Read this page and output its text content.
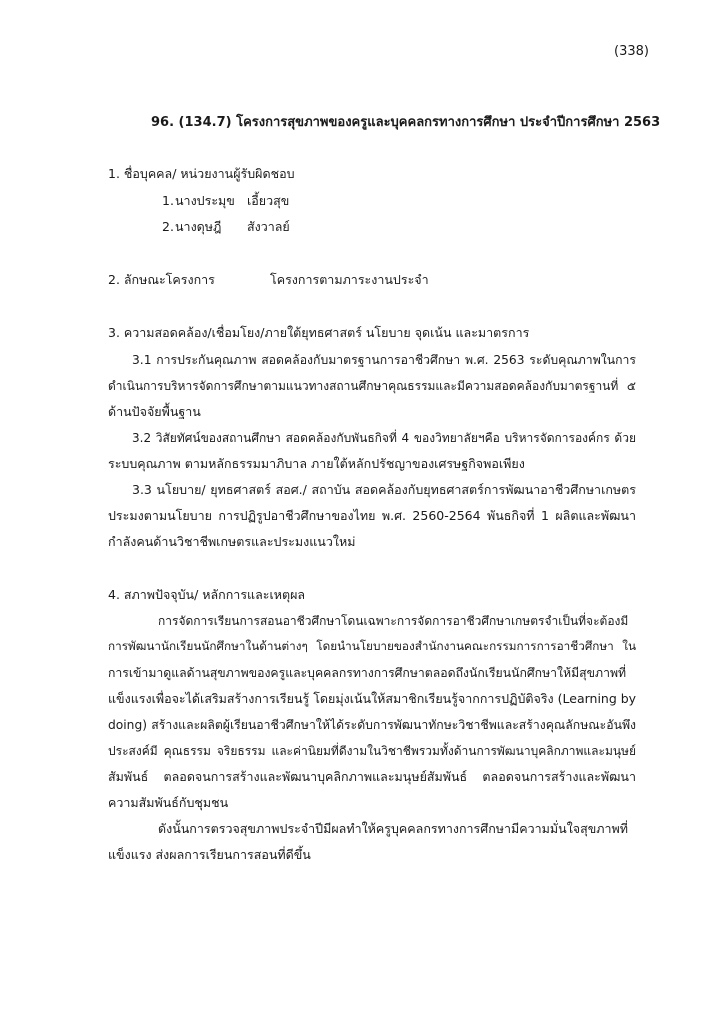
(338)
96. (134.7) โครงการสุขภาพของครูและบุคคลกรทางการศึกษา ประจำปีการศึกษา 2563
1. ชื่อบุคคล/ หน่วยงานผู้รับผิดชอบ
1. นางประมุข เอี้ยวสุข
2. นางดุษฎี สังวาลย์
2. ลักษณะโครงการ	โครงการตามภาระงานประจำ
3. ความสอดคล้อง/เชื่อมโยง/ภายใต้ยุทธศาสตร์ นโยบาย จุดเน้น และมาตรการ
3.1 การประกันคุณภาพ สอดคล้องกับมาตรฐานการอาชีวศึกษา พ.ศ. 2563 ระดับคุณภาพในการ
ดำเนินการบริหารจัดการศึกษาตามแนวทางสถานศึกษาคุณธรรมและมีความสอดคล้องกับมาตรฐานที่ ๕
ด้านปัจจัยพื้นฐาน
3.2 วิสัยทัศน์ของสถานศึกษา สอดคล้องกับพันธกิจที่ 4 ของวิทยาลัยฯคือ บริหารจัดการองค์กร ด้วย
ระบบคุณภาพ ตามหลักธรรมมาภิบาล ภายใต้หลักปรัชญาของเศรษฐกิจพอเพียง
3.3 นโยบาย/ ยุทธศาสตร์ สอศ./ สถาบัน สอดคล้องกับยุทธศาสตร์การพัฒนาอาชีวศึกษาเกษตร
ประมงตามนโยบาย การปฏิรูปอาชีวศึกษาของไทย พ.ศ. 2560-2564 พันธกิจที่ 1 ผลิตและพัฒนา
กำลังคนด้านวิชาชีพเกษตรและประมงแนวใหม่
4. สภาพปัจจุบัน/ หลักการและเหตุผล
การจัดการเรียนการสอนอาชีวศึกษาโดนเฉพาะการจัดการอาชีวศึกษาเกษตรจำเป็นที่จะต้องมี
การพัฒนานักเรียนนักศึกษาในด้านต่างๆ โดยนำนโยบายของสำนักงานคณะกรรมการการอาชีวศึกษา ใน
การเข้ามาดูแลด้านสุขภาพของครูและบุคคลกรทางการศึกษาตลอดถึงนักเรียนนักศึกษาให้มีสุขภาพที่
แข็งแรงเพื่อจะได้เสริมสร้างการเรียนรู้ โดยมุ่งเน้นให้สมาชิกเรียนรู้จากการปฏิบัติจริง (Learning by
doing) สร้างและผลิตผู้เรียนอาชีวศึกษาให้ได้ระดับการพัฒนาทักษะวิชาชีพและสร้างคุณลักษณะอันพึง
ประสงค์มี คุณธรรม จริยธรรม และค่านิยมที่ดีงามในวิชาชีพรวมทั้งด้านการพัฒนาบุคลิกภาพและมนุษย์
สัมพันธ์ ตลอดจนการสร้างและพัฒนาบุคลิกภาพและมนุษย์สัมพันธ์ ตลอดจนการสร้างและพัฒนา
ความสัมพันธ์กับชุมชน
ดังนั้นการตรวจสุขภาพประจำปีมีผลทำให้ครูบุคคลกรทางการศึกษามีความมั่นใจสุขภาพที่
แข็งแรง ส่งผลการเรียนการสอนที่ดีขึ้น
